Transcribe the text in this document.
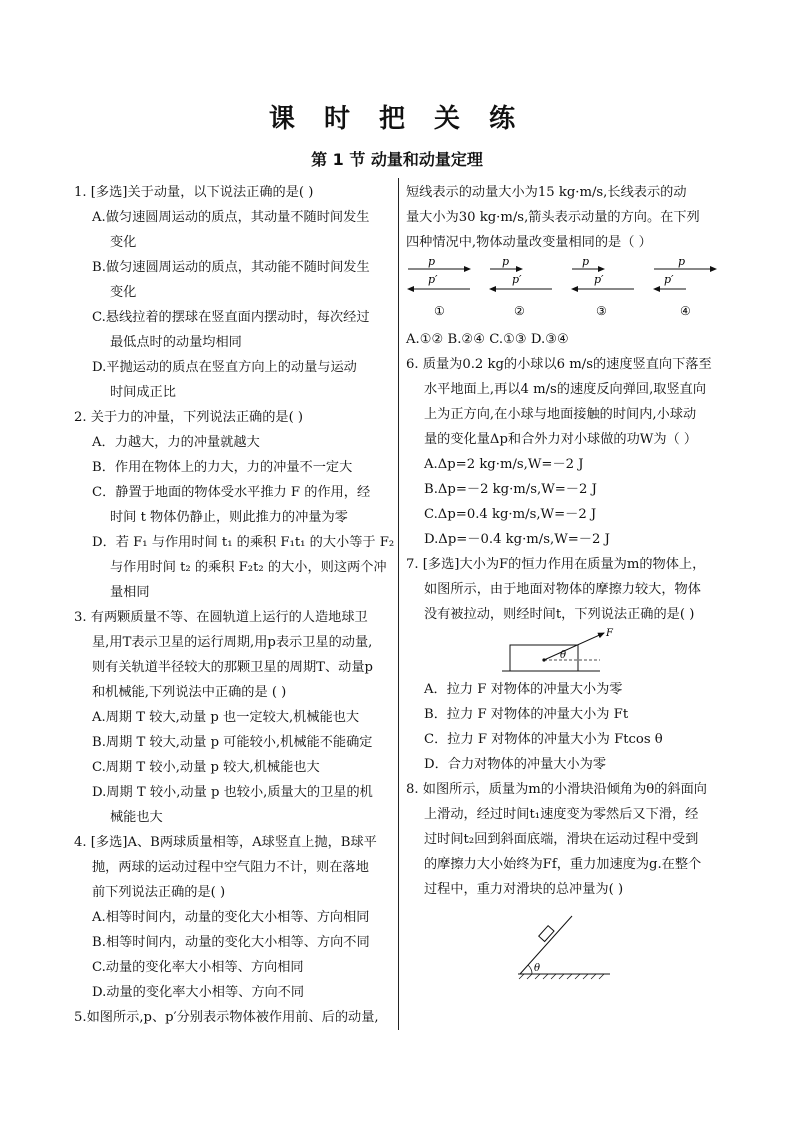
课 时 把 关 练
第 1 节 动量和动量定理
1. [多选]关于动量，以下说法正确的是( )
A.做匀速圆周运动的质点，其动量不随时间发生
变化
B.做匀速圆周运动的质点，其动能不随时间发生
变化
C.悬线拉着的摆球在竖直面内摆动时，每次经过
最低点时的动量均相同
D.平抛运动的质点在竖直方向上的动量与运动
时间成正比
2. 关于力的冲量，下列说法正确的是( )
A．力越大，力的冲量就越大
B．作用在物体上的力大，力的冲量不一定大
C．静置于地面的物体受水平推力 F 的作用，经
时间 t 物体仍静止，则此推力的冲量为零
D．若 F₁ 与作用时间 t₁ 的乘积 F₁t₁ 的大小等于 F₂
与作用时间 t₂ 的乘积 F₂t₂ 的大小，则这两个冲
量相同
3. 有两颗质量不等、在圆轨道上运行的人造地球卫
星,用T表示卫星的运行周期,用p表示卫星的动量,
则有关轨道半径较大的那颗卫星的周期T、动量p
和机械能,下列说法中正确的是 ( )
A.周期 T 较大,动量 p 也一定较大,机械能也大
B.周期 T 较大,动量 p 可能较小,机械能不能确定
C.周期 T 较小,动量 p 较大,机械能也大
D.周期 T 较小,动量 p 也较小,质量大的卫星的机
械能也大
4. [多选]A、B两球质量相等，A球竖直上抛，B球平
抛，两球的运动过程中空气阻力不计，则在落地
前下列说法正确的是( )
A.相等时间内，动量的变化大小相等、方向相同
B.相等时间内，动量的变化大小相等、方向不同
C.动量的变化率大小相等、方向相同
D.动量的变化率大小相等、方向不同
5.如图所示,p、p′分别表示物体被作用前、后的动量,
短线表示的动量大小为15 kg·m/s,长线表示的动
量大小为30 kg·m/s,箭头表示动量的方向。在下列
四种情况中,物体动量改变量相同的是（ ）
p
p′
①
p
p′
②
p
p′
③
p
p′
④
A.①② B.②④ C.①③ D.③④
6. 质量为0.2 kg的小球以6 m/s的速度竖直向下落至
水平地面上,再以4 m/s的速度反向弹回,取竖直向
上为正方向,在小球与地面接触的时间内,小球动
量的变化量Δp和合外力对小球做的功W为（ ）
A.Δp=2 kg·m/s,W=－2 J
B.Δp=－2 kg·m/s,W=－2 J
C.Δp=0.4 kg·m/s,W=－2 J
D.Δp=－0.4 kg·m/s,W=－2 J
7. [多选]大小为F的恒力作用在质量为m的物体上，
如图所示，由于地面对物体的摩擦力较大，物体
没有被拉动，则经时间t，下列说法正确的是( )
F
θ
A．拉力 F 对物体的冲量大小为零
B．拉力 F 对物体的冲量大小为 Ft
C．拉力 F 对物体的冲量大小为 Ftcos θ
D．合力对物体的冲量大小为零
8. 如图所示，质量为m的小滑块沿倾角为θ的斜面向
上滑动，经过时间t₁速度变为零然后又下滑，经
过时间t₂回到斜面底端，滑块在运动过程中受到
的摩擦力大小始终为Ff，重力加速度为g.在整个
过程中，重力对滑块的总冲量为( )
θ
